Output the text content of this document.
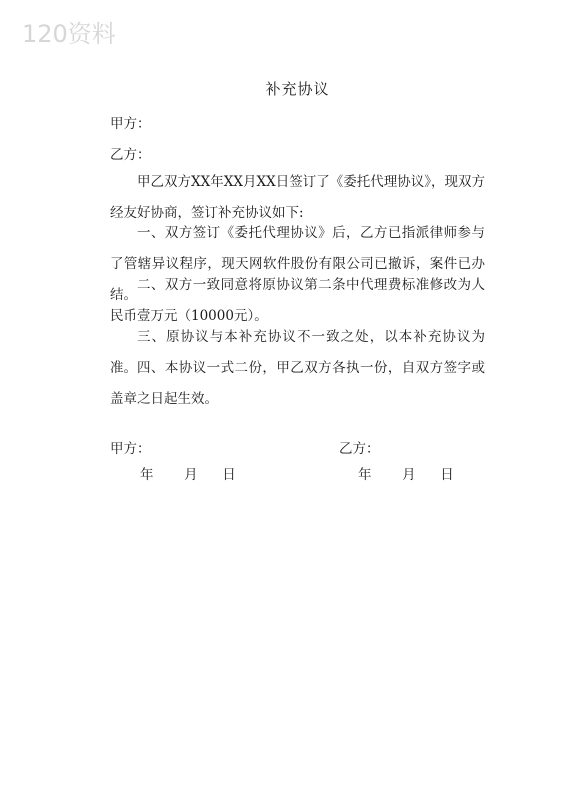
120资料
补充协议
甲方：
乙方：
甲乙双方XX年XX月XX日签订了《委托代理协议》，现双方经友好协商，签订补充协议如下:
一、双方签订《委托代理协议》后，乙方已指派律师参与了管辖异议程序，现天网软件股份有限公司已撤诉，案件已办结。
二、双方一致同意将原协议第二条中代理费标准修改为人民币壹万元（10000元）。
三、原协议与本补充协议不一致之处，以本补充协议为准。 四、本协议一式二份，甲乙双方各执一份，自双方签字或盖章之日起生效。
甲方：	乙方：
年 月 日	年 月 日
